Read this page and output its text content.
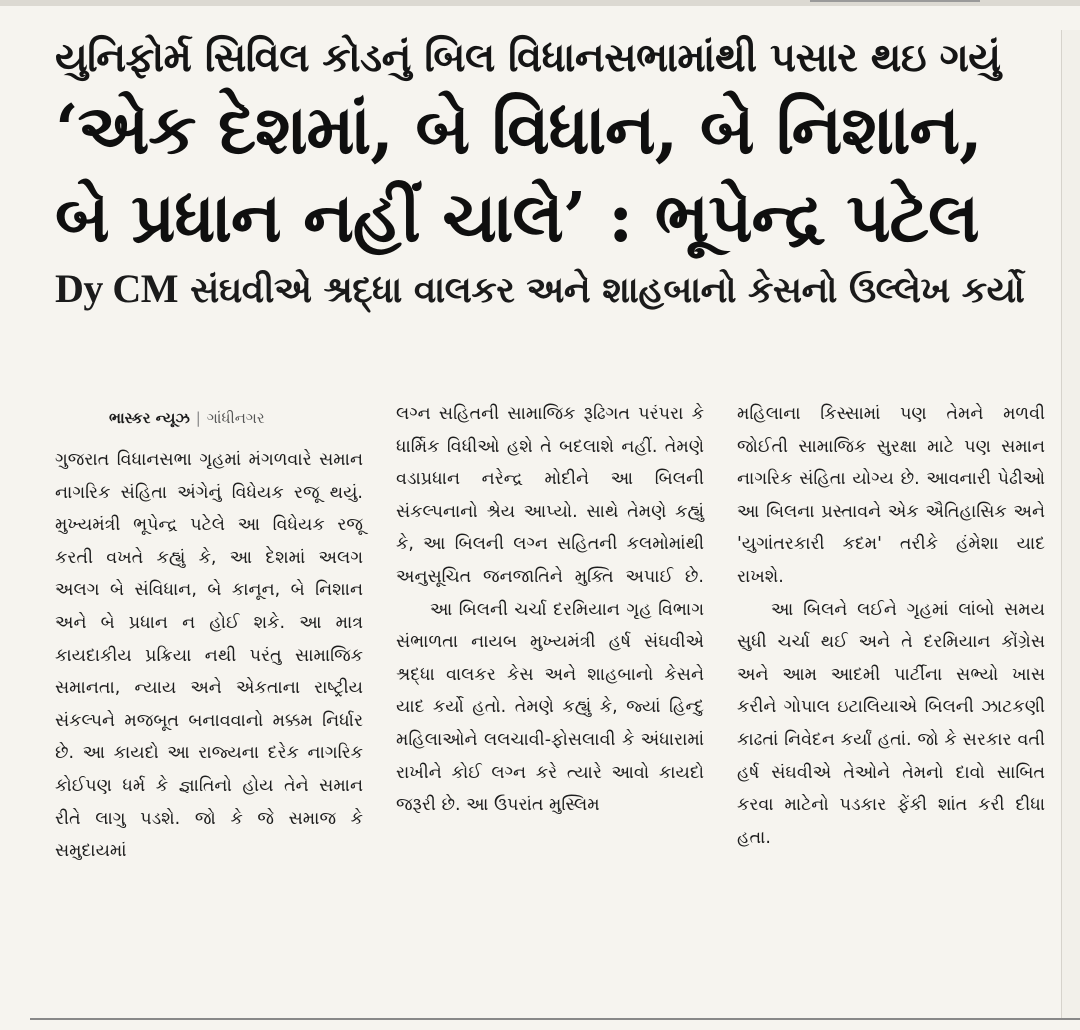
યુનિફોર્મ સિવિલ કોડનું બિલ વિધાનસભામાંથી પસાર થઇ ગયું
‘એક દેશમાં, બે વિધાન, બે નિશાન,
બે પ્રધાન નહીં ચાલે’ : ભૂપેન્દ્ર પટેલ
Dy CM સંઘવીએ શ્રદ્ધા વાલકર અને શાહબાનો કેસનો ઉલ્લેખ કર્યો
ભાસ્કર ન્યૂઝ | ગાંધીનગર

ગુજરાત વિધાનસભા ગૃહમાં મંગળવારે સમાન નાગરિક સંહિતા અંગેનું વિધેયક રજૂ થયું. મુખ્યમંત્રી ભૂપેન્દ્ર પટેલે આ વિધેયક રજૂ કરતી વખતે કહ્યું કે, આ દેશમાં અલગ અલગ બે સંવિધાન, બે કાનૂન, બે નિશાન અને બે પ્રધાન ન હોઈ શકે. આ માત્ર કાયદાકીય પ્રક્રિયા નથી પરંતુ સામાજિક સમાનતા, ન્યાય અને એકતાના રાષ્ટ્રીય સંકલ્પને મજબૂત બનાવવાનો મક્કમ નિર્ધાર છે. આ કાયદો આ રાજ્યના દરેક નાગરિક કોઈપણ ધર્મ કે જ્ઞાતિનો હોય તેને સમાન રીતે લાગુ પડશે. જો કે જે સમાજ કે સમુદાયમાં

લગ્ન સહિતની સામાજિક રૂઢિગત પરંપરા કે ધાર્મિક વિધીઓ હશે તે બદલાશે નહીં. તેમણે વડાપ્રધાન નરેન્દ્ર મોદીને આ બિલની સંકલ્પનાનો શ્રેય આપ્યો. સાથે તેમણે કહ્યું કે, આ બિલની લગ્ન સહિતની કલમોમાંથી અનુસૂચિત જનજાતિને મુક્તિ અપાઈ છે.

આ બિલની ચર્ચા દરમિયાન ગૃહ વિભાગ સંભાળતા નાયબ મુખ્યમંત્રી હર્ષ સંઘવીએ શ્રદ્ધા વાલકર કેસ અને શાહબાનો કેસને યાદ કર્યો હતો. તેમણે કહ્યું કે, જ્યાં હિન્દુ મહિલાઓને લલચાવી-ફોસલાવી કે અંધારામાં રાખીને કોઈ લગ્ન કરે ત્યારે આવો કાયદો જરૂરી છે. આ ઉપરાંત મુસ્લિમ

મહિલાના કિસ્સામાં પણ તેમને મળવી જોઈતી સામાજિક સુરક્ષા માટે પણ સમાન નાગરિક સંહિતા યોગ્ય છે. આવનારી પેઢીઓ આ બિલના પ્રસ્તાવને એક ઐતિહાસિક અને 'યુગાંતરકારી કદમ' તરીકે હંમેશા યાદ રાખશે.

આ બિલને લઈને ગૃહમાં લાંબો સમય સુધી ચર્ચા થઈ અને તે દરમિયાન કોંગ્રેસ અને આમ આદમી પાર્ટીના સભ્યો ખાસ કરીને ગોપાલ ઇટાલિયાએ બિલની ઝાટકણી કાઢતાં નિવેદન કર્યાં હતાં. જો કે સરકાર વતી હર્ષ સંઘવીએ તેઓને તેમનો દાવો સાબિત કરવા માટેનો પડકાર ફેંકી શાંત કરી દીધા હતા.
